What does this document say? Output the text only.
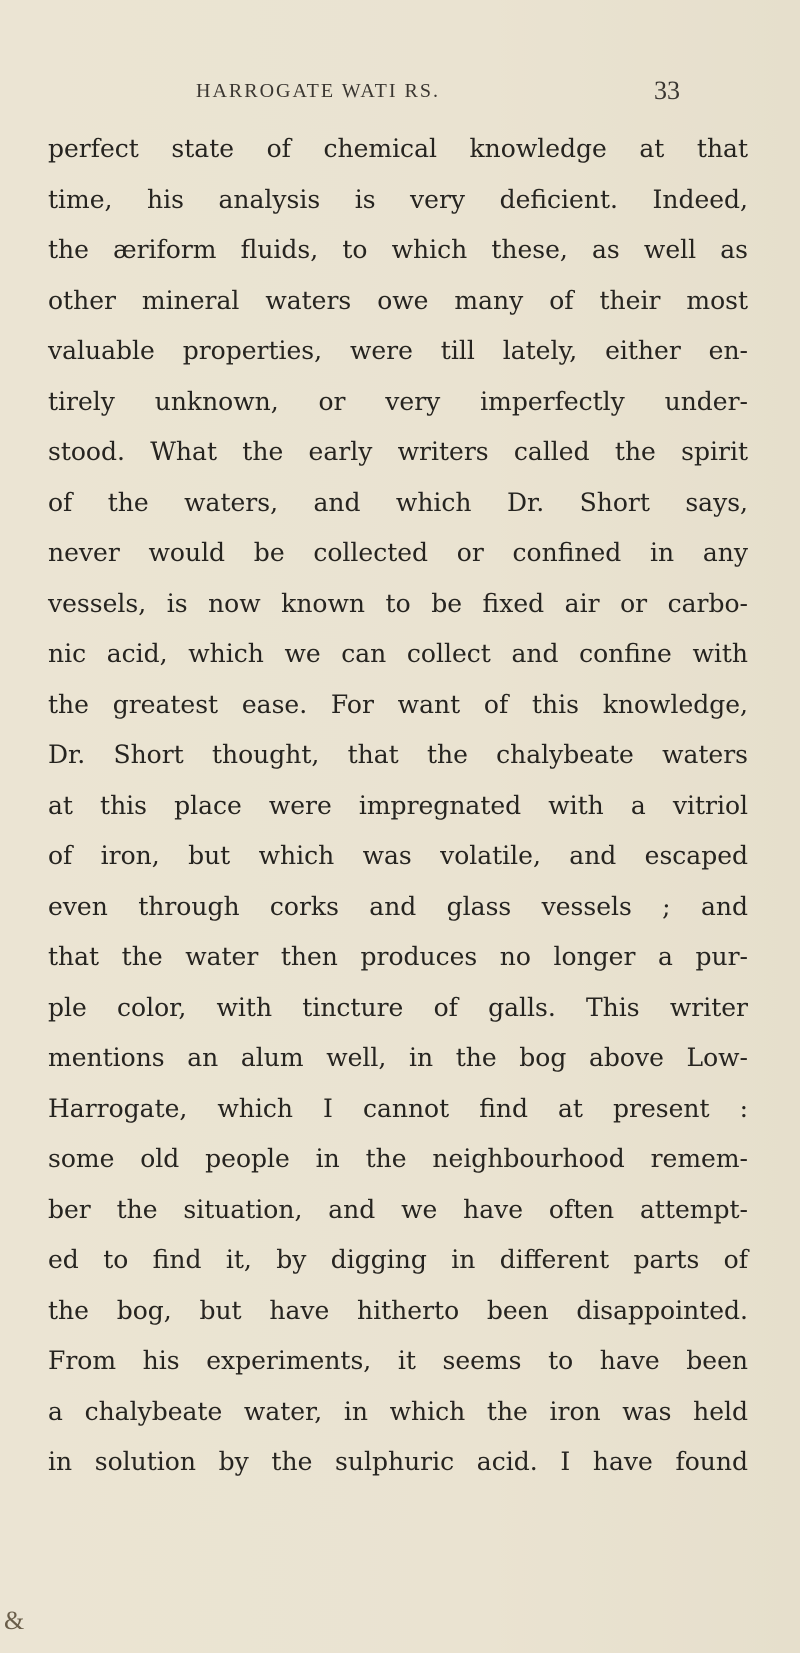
HARROGATE WATI RS.	33
perfect state of chemical knowledge at that
time, his analysis is very deficient. Indeed,
the æriform fluids, to which these, as well as
other mineral waters owe many of their most
valuable properties, were till lately, either en-
tirely unknown, or very imperfectly under-
stood. What the early writers called the spirit
of the waters, and which Dr. Short says,
never would be collected or confined in any
vessels, is now known to be fixed air or carbo-
nic acid, which we can collect and confine with
the greatest ease. For want of this knowledge,
Dr. Short thought, that the chalybeate waters
at this place were impregnated with a vitriol
of iron, but which was volatile, and escaped
even through corks and glass vessels ; and
that the water then produces no longer a pur-
ple color, with tincture of galls. This writer
mentions an alum well, in the bog above Low-
Harrogate, which I cannot find at present :
some old people in the neighbourhood remem-
ber the situation, and we have often attempt-
ed to find it, by digging in different parts of
the bog, but have hitherto been disappointed.
From his experiments, it seems to have been
a chalybeate water, in which the iron was held
in solution by the sulphuric acid. I have found
&
